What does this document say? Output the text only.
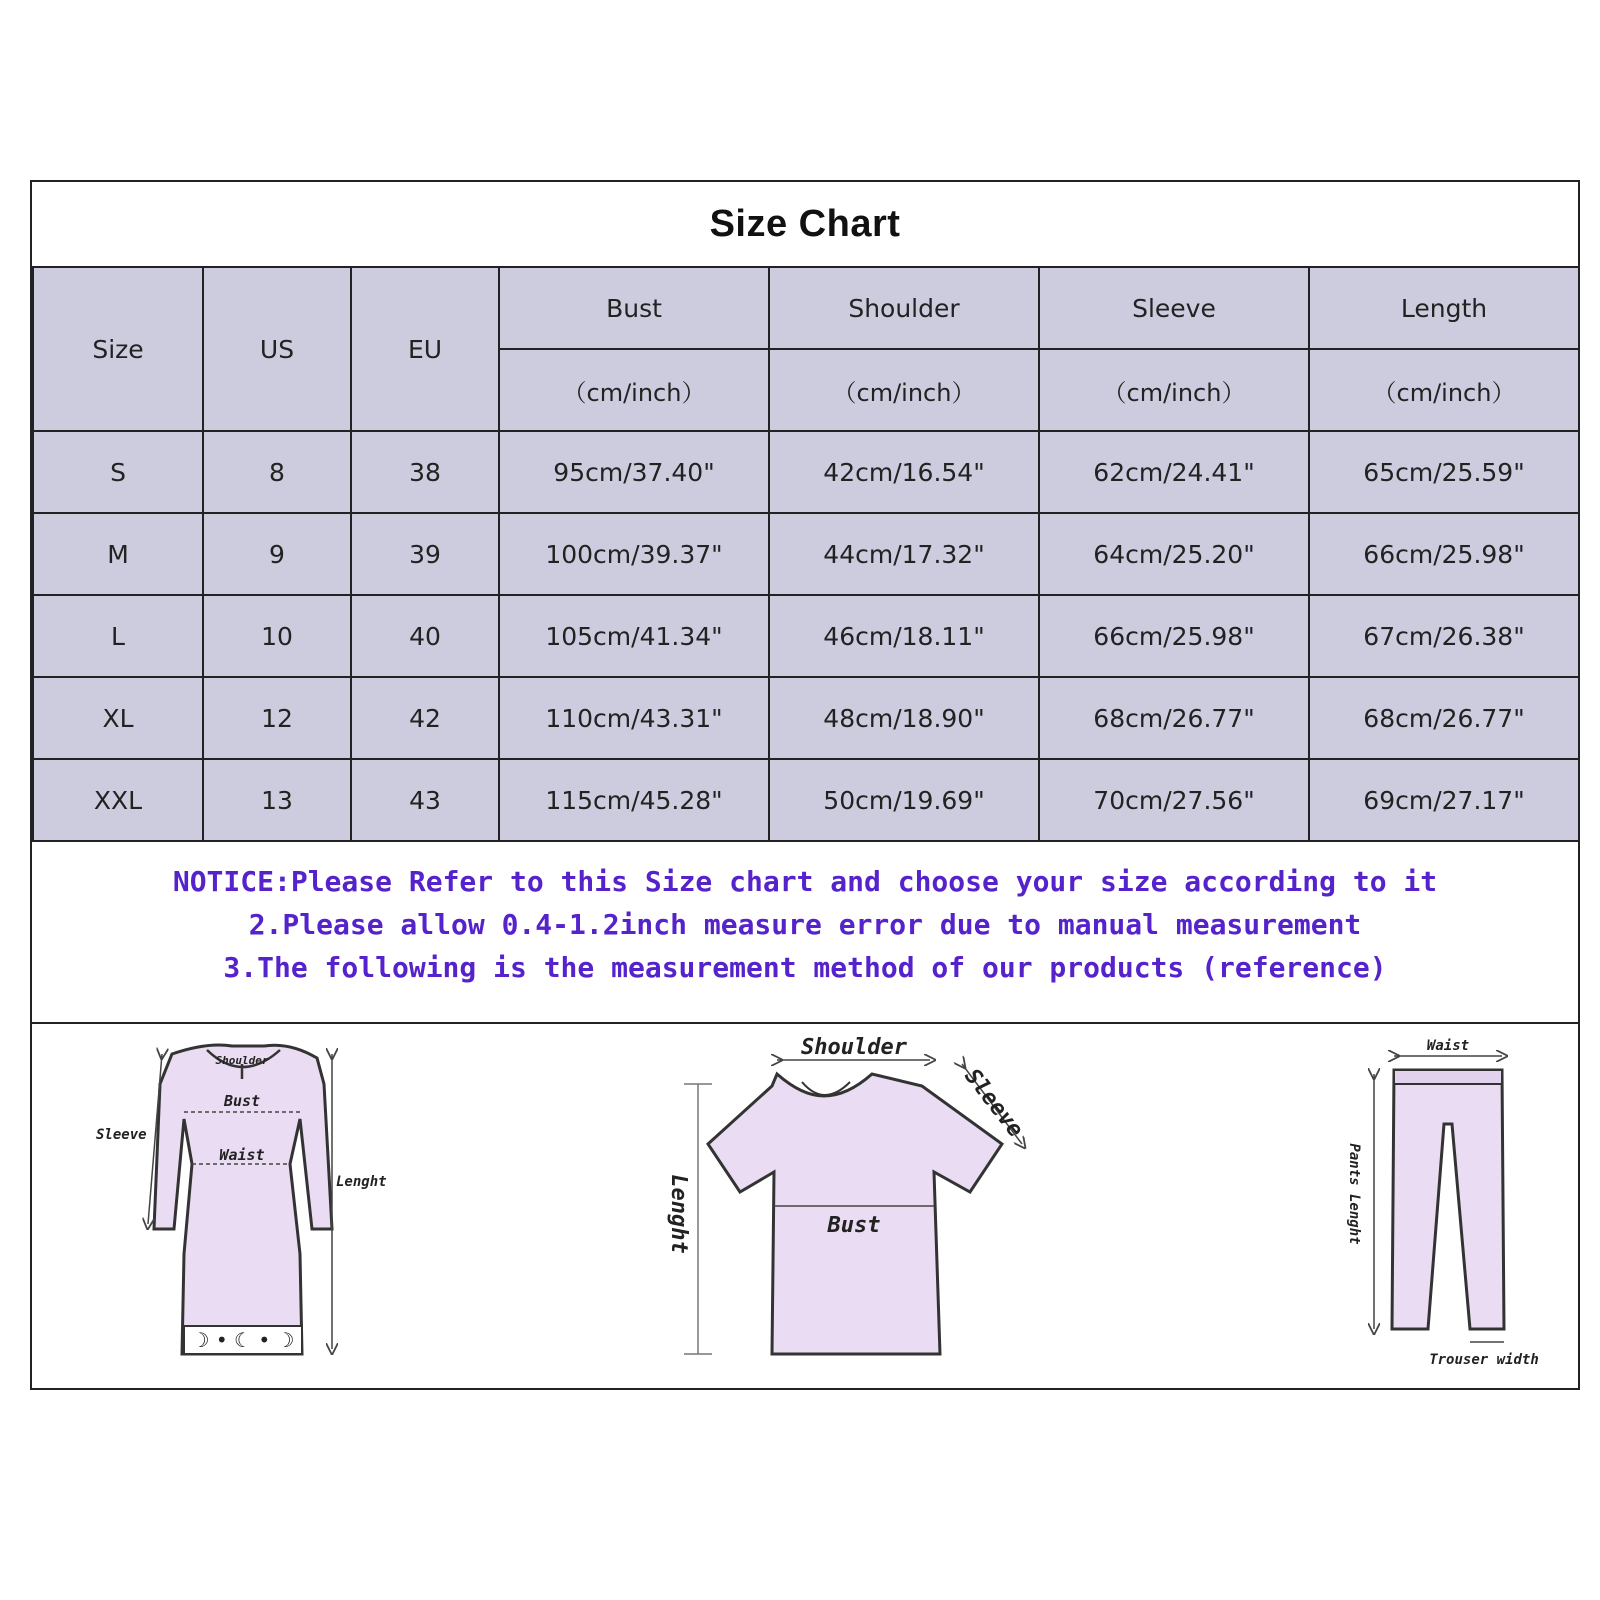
Size Chart
Size	US	EU	Bust	Shoulder	Sleeve	Length
			（cm/inch）	（cm/inch）	（cm/inch）	（cm/inch）
S	8	38	95cm/37.40"	42cm/16.54"	62cm/24.41"	65cm/25.59"
M	9	39	100cm/39.37"	44cm/17.32"	64cm/25.20"	66cm/25.98"
L	10	40	105cm/41.34"	46cm/18.11"	66cm/25.98"	67cm/26.38"
XL	12	42	110cm/43.31"	48cm/18.90"	68cm/26.77"	68cm/26.77"
XXL	13	43	115cm/45.28"	50cm/19.69"	70cm/27.56"	69cm/27.17"
NOTICE:Please Refer to this Size chart and choose your size according to it
2.Please allow 0.4-1.2inch measure error due to manual measurement
3.The following is the measurement method of our products (reference)
☽ • ☾ • ☽
Shoulder
Bust
Waist
Sleeve
Lenght
Shoulder
Sleeve
Bust
Lenght
Waist
Pants Lenght
Trouser width
